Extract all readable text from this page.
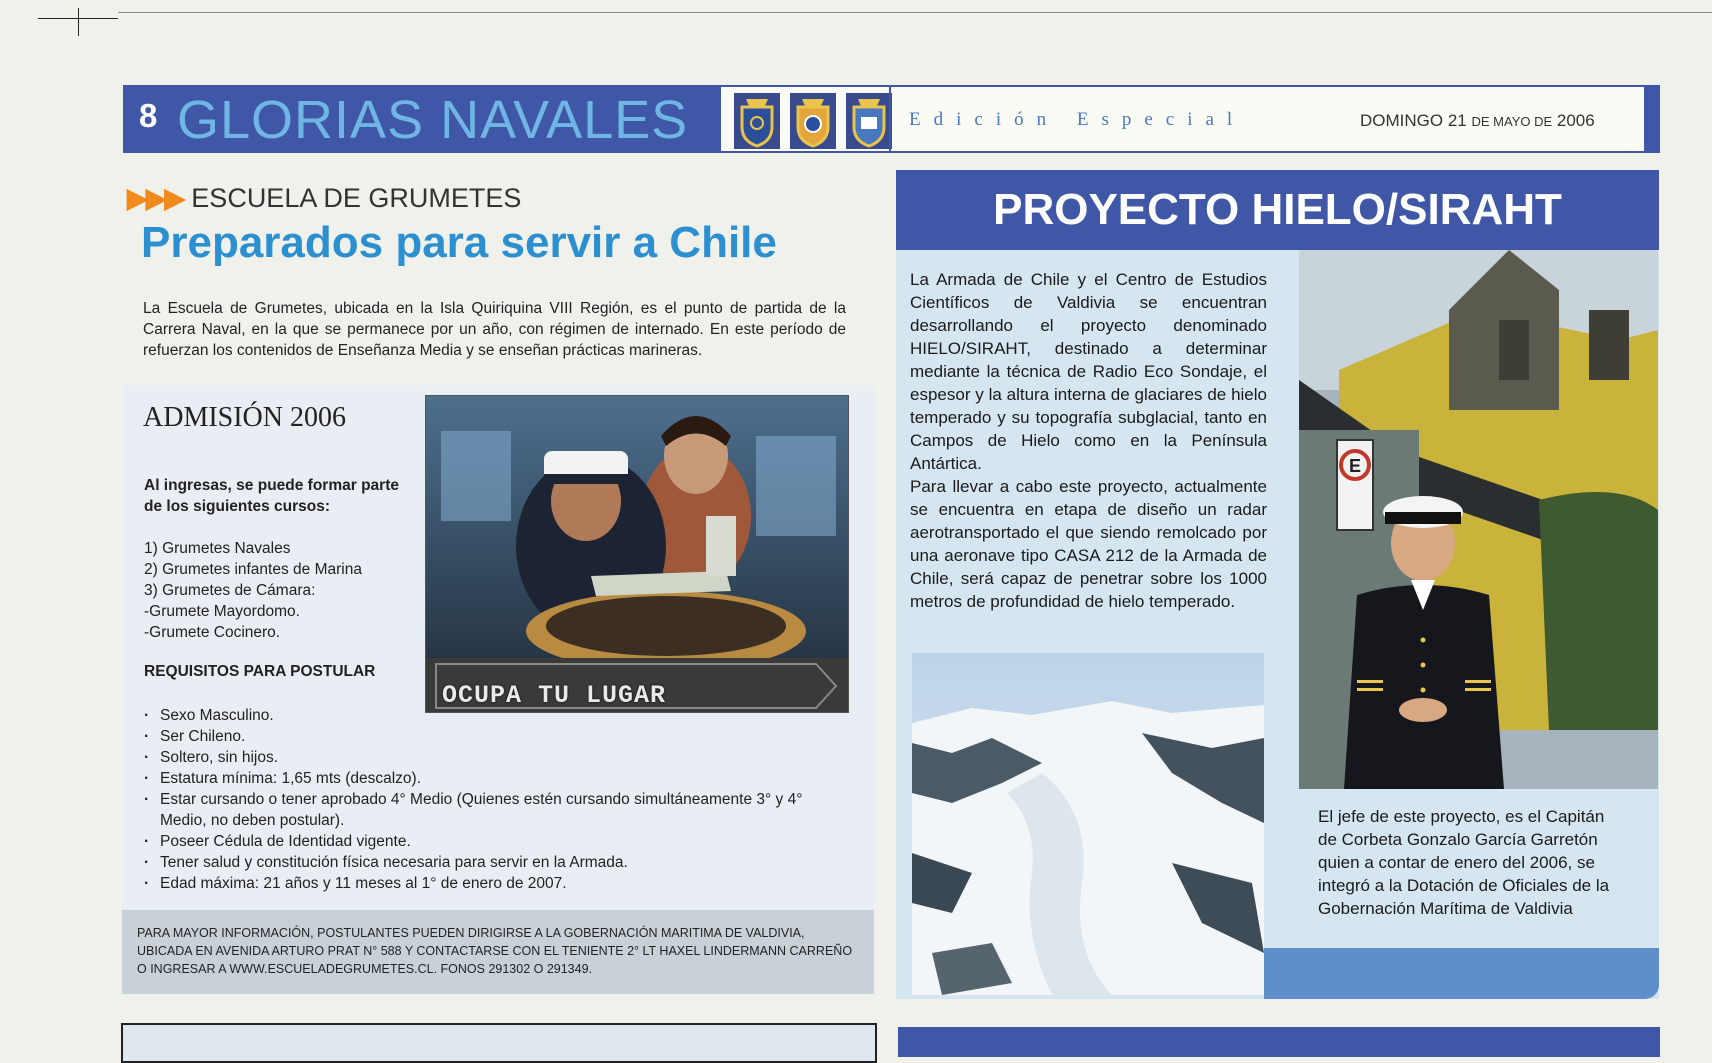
8 GLORIAS NAVALES	Edición Especial	DOMINGO 21 DE MAYO DE 2006
▶▶▶ ESCUELA DE GRUMETES
Preparados para servir a Chile
La Escuela de Grumetes, ubicada en la Isla Quiriquina VIII Región, es el punto de partida de la Carrera Naval, en la que se permanece por un año, con régimen de internado. En este período de refuerzan los contenidos de Enseñanza Media y se enseñan prácticas marineras.
ADMISIÓN 2006
Al ingresas, se puede formar parte de los siguientes cursos:
1) Grumetes Navales
2) Grumetes infantes de Marina
3) Grumetes de Cámara:
-Grumete Mayordomo.
-Grumete Cocinero.
REQUISITOS PARA POSTULAR
· Sexo Masculino.
· Ser Chileno.
· Soltero, sin hijos.
· Estatura mínima: 1,65 mts (descalzo).
· Estar cursando o tener aprobado 4° Medio (Quienes estén cursando simultáneamente 3° y 4° Medio, no deben postular).
· Poseer Cédula de Identidad vigente.
· Tener salud y constitución física necesaria para servir en la Armada.
· Edad máxima: 21 años y 11 meses al 1° de enero de 2007.
OCUPA TU LUGAR
PARA MAYOR INFORMACIÓN, POSTULANTES PUEDEN DIRIGIRSE A LA GOBERNACIÓN MARITIMA DE VALDIVIA, UBICADA EN AVENIDA ARTURO PRAT N° 588 Y CONTACTARSE CON EL TENIENTE 2° LT HAXEL LINDERMANN CARREÑO O INGRESAR A WWW.ESCUELADEGRUMETES.CL. FONOS 291302 O 291349.
PROYECTO HIELO/SIRAHT
La Armada de Chile y el Centro de Estudios Científicos de Valdivia se encuentran desarrollando el proyecto denominado HIELO/SIRAHT, destinado a determinar mediante la técnica de Radio Eco Sondaje, el espesor y la altura interna de glaciares de hielo temperado y su topografía subglacial, tanto en Campos de Hielo como en la Península Antártica.
Para llevar a cabo este proyecto, actualmente se encuentra en etapa de diseño un radar aerotransportado el que siendo remolcado por una aeronave tipo CASA 212 de la Armada de Chile, será capaz de penetrar sobre los 1000 metros de profundidad de hielo temperado.
E
El jefe de este proyecto, es el Capitán de Corbeta Gonzalo García Garretón quien a contar de enero del 2006, se integró a la Dotación de Oficiales de la Gobernación Marítima de Valdivia
